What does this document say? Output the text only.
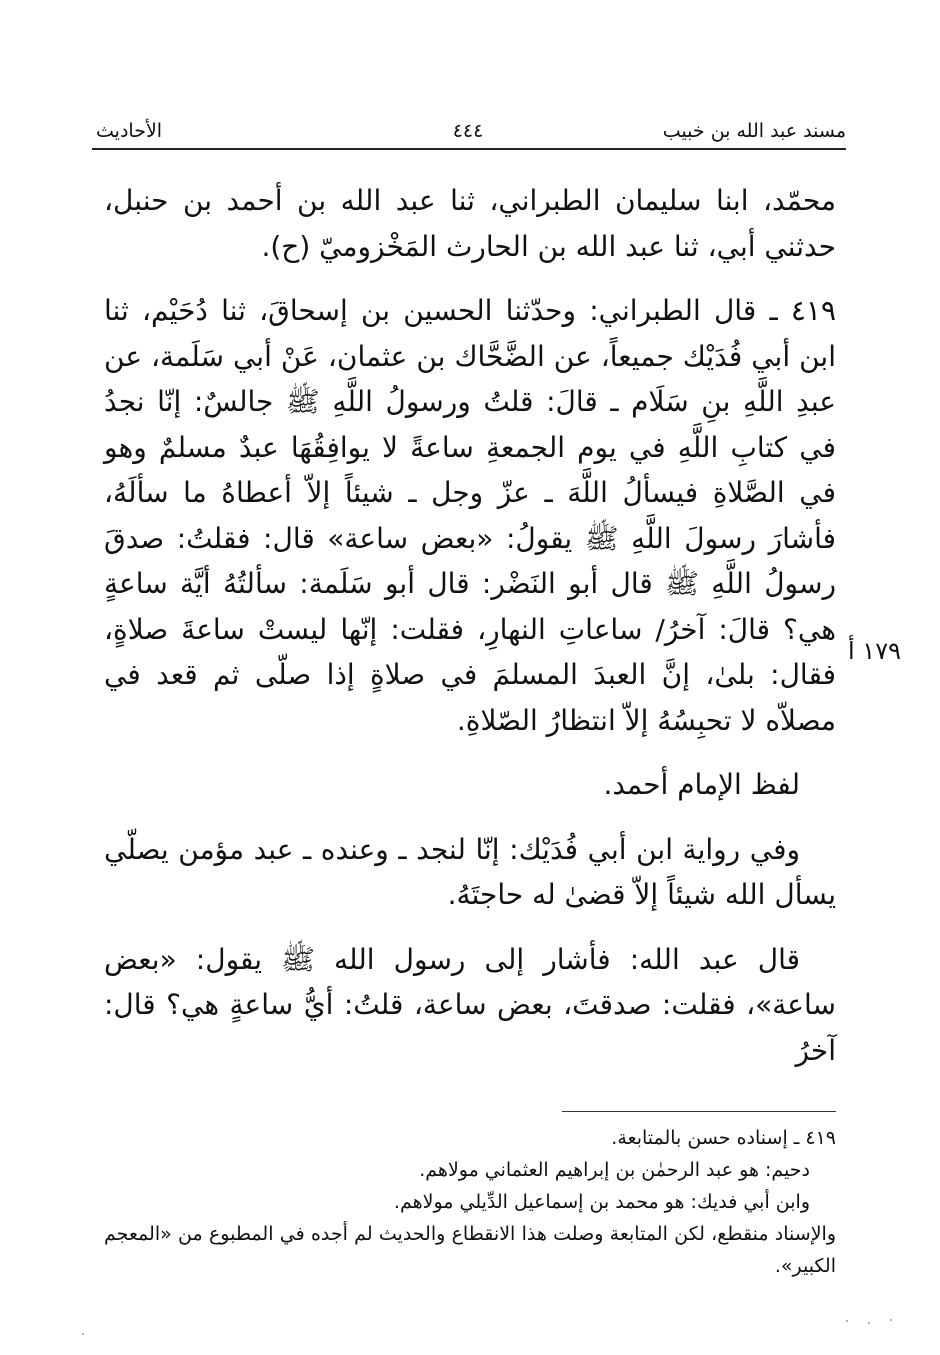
مسند عبد الله بن خبيب
٤٤٤
الأحاديث

محمّد، ابنا سليمان الطبراني، ثنا عبد الله بن أحمد بن حنبل، حدثني أبي، ثنا عبد الله بن الحارث المَخْزوميّ (ح).

٤١٩ ـ قال الطبراني: وحدّثنا الحسين بن إسحاقَ، ثنا دُحَيْم، ثنا ابن أبي فُدَيْك جميعاً، عن الضَّحَّاك بن عثمان، عَنْ أبي سَلَمة، عن عبدِ اللَّهِ بنِ سَلَام ـ قالَ: قلتُ ورسولُ اللَّهِ ﷺ جالسٌ: إنّا نجدُ في كتابِ اللَّهِ في يوم الجمعةِ ساعةً لا يوافِقُهَا عبدٌ مسلمٌ وهو في الصَّلاةِ فيسألُ اللَّهَ ـ عزّ وجل ـ شيئاً إلاّ أعطاهُ ما سألَهُ، فأشارَ رسولَ اللَّهِ ﷺ يقولُ: «بعض ساعة» قال: فقلتُ: صدقَ رسولُ اللَّهِ ﷺ قال أبو النَضْر: قال أبو سَلَمة: سألتُهُ أيَّة ساعةٍ هي؟ قالَ: آخرُ/ ساعاتِ النهارِ، فقلت: إنّها ليستْ ساعةَ صلاةٍ، فقال: بلىٰ، إنَّ العبدَ المسلمَ في صلاةٍ إذا صلّى ثم قعد في مصلاّه لا تحبِسُهُ إلاّ انتظارُ الصّلاةِ.

لفظ الإمام أحمد.

وفي رواية ابن أبي فُدَيْك: إنّا لنجد ـ وعنده ـ عبد مؤمن يصلّي يسأل الله شيئاً إلاّ قضىٰ له حاجتَهُ.

قال عبد الله: فأشار إلى رسول الله ﷺ يقول: «بعض ساعة»، فقلت: صدقتَ، بعض ساعة، قلتُ: أيُّ ساعةٍ هي؟ قال: آخرُ

١٧٩ أ

٤١٩ ـ إسناده حسن بالمتابعة.

دحيم: هو عبد الرحمٰن بن إبراهيم العثماني مولاهم.

وابن أبي فديك: هو محمد بن إسماعيل الدِّيلي مولاهم.

والإسناد منقطع، لكن المتابعة وصلت هذا الانقطاع والحديث لم أجده في المطبوع من «المعجم الكبير».
